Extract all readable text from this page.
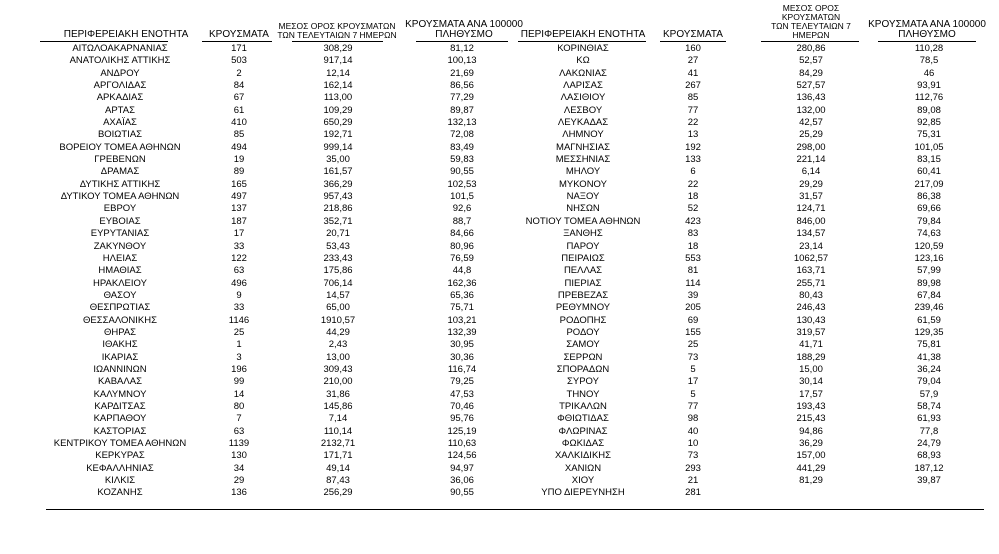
ΠΕΡΙΦΕΡΕΙΑΚΗ ΕΝΟΤΗΤΑ	ΚΡΟΥΣΜΑΤΑ
ΜΕΣΟΣ ΟΡΟΣ ΚΡΟΥΣΜΑΤΩΝ
ΤΩΝ ΤΕΛΕΥΤΑΙΩΝ 7 ΗΜΕΡΩΝ
ΚΡΟΥΣΜΑΤΑ ΑΝΑ 100000
ΠΛΗΘΥΣΜΟ
ΑΙΤΩΛΟΑΚΑΡΝΑΝΙΑΣ	171	308,29	81,12
ΑΝΑΤΟΛΙΚΗΣ ΑΤΤΙΚΗΣ	503	917,14	100,13
ΑΝΔΡΟΥ	2	12,14	21,69
ΑΡΓΟΛΙΔΑΣ	84	162,14	86,56
ΑΡΚΑΔΙΑΣ	67	113,00	77,29
ΑΡΤΑΣ	61	109,29	89,87
ΑΧΑΪΑΣ	410	650,29	132,13
ΒΟΙΩΤΙΑΣ	85	192,71	72,08
ΒΟΡΕΙΟΥ ΤΟΜΕΑ ΑΘΗΝΩΝ	494	999,14	83,49
ΓΡΕΒΕΝΩΝ	19	35,00	59,83
ΔΡΑΜΑΣ	89	161,57	90,55
ΔΥΤΙΚΗΣ ΑΤΤΙΚΗΣ	165	366,29	102,53
ΔΥΤΙΚΟΥ ΤΟΜΕΑ ΑΘΗΝΩΝ	497	957,43	101,5
ΕΒΡΟΥ	137	218,86	92,6
ΕΥΒΟΙΑΣ	187	352,71	88,7
ΕΥΡΥΤΑΝΙΑΣ	17	20,71	84,66
ΖΑΚΥΝΘΟΥ	33	53,43	80,96
ΗΛΕΙΑΣ	122	233,43	76,59
ΗΜΑΘΙΑΣ	63	175,86	44,8
ΗΡΑΚΛΕΙΟΥ	496	706,14	162,36
ΘΑΣΟΥ	9	14,57	65,36
ΘΕΣΠΡΩΤΙΑΣ	33	65,00	75,71
ΘΕΣΣΑΛΟΝΙΚΗΣ	1146	1910,57	103,21
ΘΗΡΑΣ	25	44,29	132,39
ΙΘΑΚΗΣ	1	2,43	30,95
ΙΚΑΡΙΑΣ	3	13,00	30,36
ΙΩΑΝΝΙΝΩΝ	196	309,43	116,74
ΚΑΒΑΛΑΣ	99	210,00	79,25
ΚΑΛΥΜΝΟΥ	14	31,86	47,53
ΚΑΡΔΙΤΣΑΣ	80	145,86	70,46
ΚΑΡΠΑΘΟΥ	7	7,14	95,76
ΚΑΣΤΟΡΙΑΣ	63	110,14	125,19
ΚΕΝΤΡΙΚΟΥ ΤΟΜΕΑ ΑΘΗΝΩΝ	1139	2132,71	110,63
ΚΕΡΚΥΡΑΣ	130	171,71	124,56
ΚΕΦΑΛΛΗΝΙΑΣ	34	49,14	94,97
ΚΙΛΚΙΣ	29	87,43	36,06
ΚΟΖΑΝΗΣ	136	256,29	90,55
ΠΕΡΙΦΕΡΕΙΑΚΗ ΕΝΟΤΗΤΑ	ΚΡΟΥΣΜΑΤΑ
ΜΕΣΟΣ ΟΡΟΣ ΚΡΟΥΣΜΑΤΩΝ
ΤΩΝ ΤΕΛΕΥΤΑΙΩΝ 7 ΗΜΕΡΩΝ
ΚΡΟΥΣΜΑΤΑ ΑΝΑ 100000
ΠΛΗΘΥΣΜΟ
ΚΟΡΙΝΘΙΑΣ	160	280,86	110,28
ΚΩ	27	52,57	78,5
ΛΑΚΩΝΙΑΣ	41	84,29	46
ΛΑΡΙΣΑΣ	267	527,57	93,91
ΛΑΣΙΘΙΟΥ	85	136,43	112,76
ΛΕΣΒΟΥ	77	132,00	89,08
ΛΕΥΚΑΔΑΣ	22	42,57	92,85
ΛΗΜΝΟΥ	13	25,29	75,31
ΜΑΓΝΗΣΙΑΣ	192	298,00	101,05
ΜΕΣΣΗΝΙΑΣ	133	221,14	83,15
ΜΗΛΟΥ	6	6,14	60,41
ΜΥΚΟΝΟΥ	22	29,29	217,09
ΝΑΞΟΥ	18	31,57	86,38
ΝΗΣΩΝ	52	124,71	69,66
ΝΟΤΙΟΥ ΤΟΜΕΑ ΑΘΗΝΩΝ	423	846,00	79,84
ΞΑΝΘΗΣ	83	134,57	74,63
ΠΑΡΟΥ	18	23,14	120,59
ΠΕΙΡΑΙΩΣ	553	1062,57	123,16
ΠΕΛΛΑΣ	81	163,71	57,99
ΠΙΕΡΙΑΣ	114	255,71	89,98
ΠΡΕΒΕΖΑΣ	39	80,43	67,84
ΡΕΘΥΜΝΟΥ	205	246,43	239,46
ΡΟΔΟΠΗΣ	69	130,43	61,59
ΡΟΔΟΥ	155	319,57	129,35
ΣΑΜΟΥ	25	41,71	75,81
ΣΕΡΡΩΝ	73	188,29	41,38
ΣΠΟΡΑΔΩΝ	5	15,00	36,24
ΣΥΡΟΥ	17	30,14	79,04
ΤΗΝΟΥ	5	17,57	57,9
ΤΡΙΚΑΛΩΝ	77	193,43	58,74
ΦΘΙΩΤΙΔΑΣ	98	215,43	61,93
ΦΛΩΡΙΝΑΣ	40	94,86	77,8
ΦΩΚΙΔΑΣ	10	36,29	24,79
ΧΑΛΚΙΔΙΚΗΣ	73	157,00	68,93
ΧΑΝΙΩΝ	293	441,29	187,12
ΧΙΟΥ	21	81,29	39,87
ΥΠΟ ΔΙΕΡΕΥΝΗΣΗ	281
